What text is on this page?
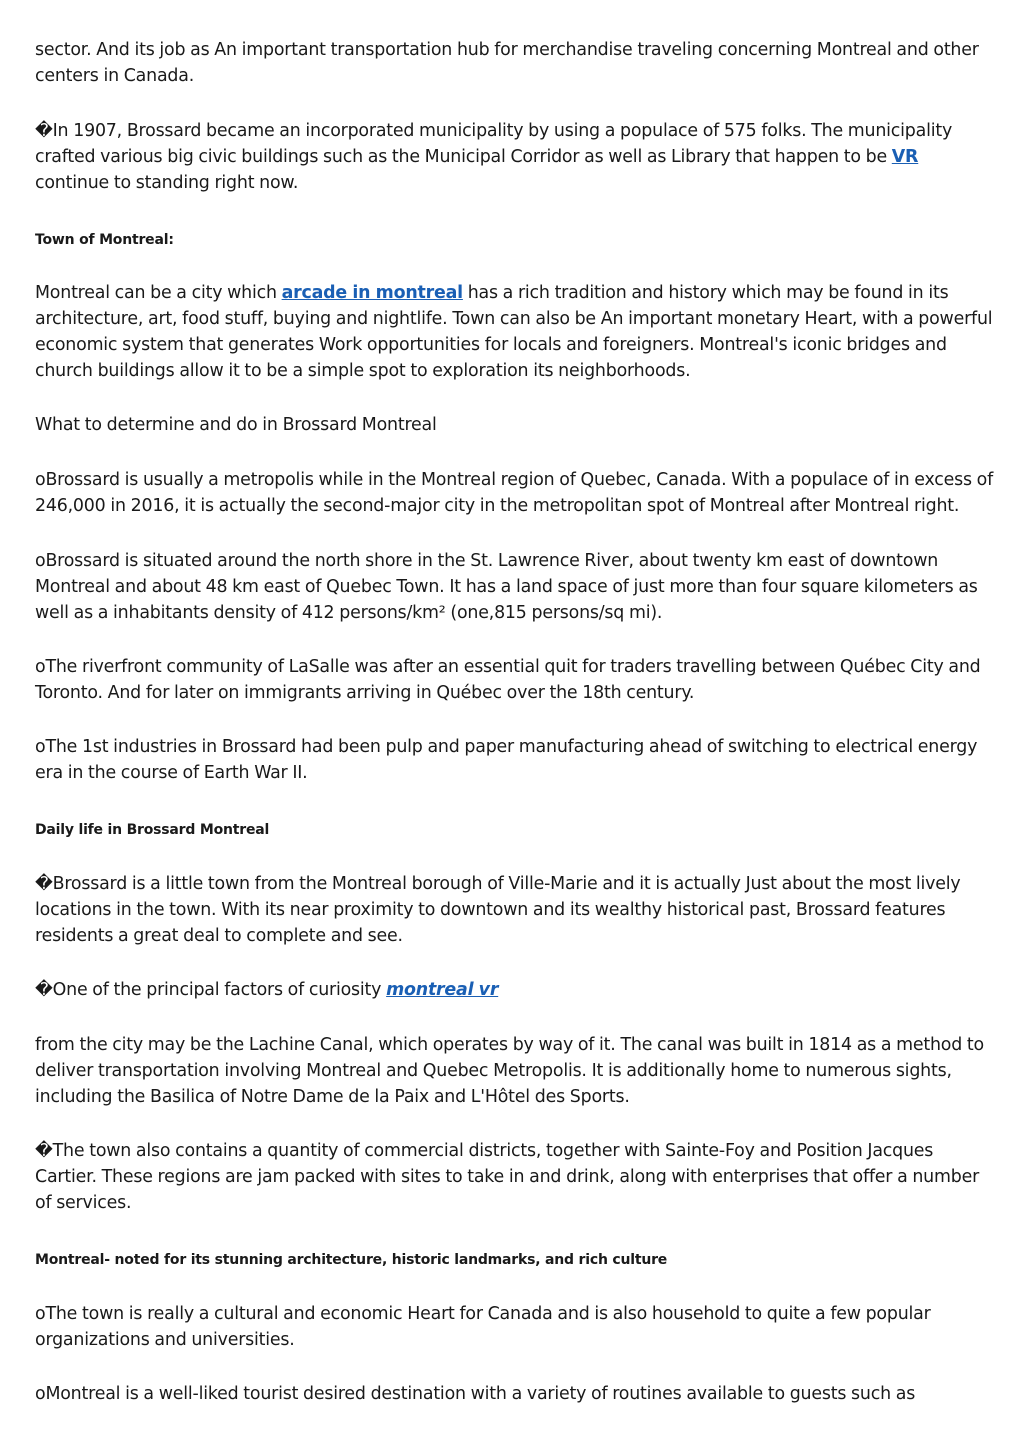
sector. And its job as An important transportation hub for merchandise traveling concerning Montreal and other centers in Canada.

�In 1907, Brossard became an incorporated municipality by using a populace of 575 folks. The municipality crafted various big civic buildings such as the Municipal Corridor as well as Library that happen to be VR continue to standing right now.

Town of Montreal:

Montreal can be a city which arcade in montreal has a rich tradition and history which may be found in its architecture, art, food stuff, buying and nightlife. Town can also be An important monetary Heart, with a powerful economic system that generates Work opportunities for locals and foreigners. Montreal's iconic bridges and church buildings allow it to be a simple spot to exploration its neighborhoods.

What to determine and do in Brossard Montreal

oBrossard is usually a metropolis while in the Montreal region of Quebec, Canada. With a populace of in excess of 246,000 in 2016, it is actually the second-major city in the metropolitan spot of Montreal after Montreal right.

oBrossard is situated around the north shore in the St. Lawrence River, about twenty km east of downtown Montreal and about 48 km east of Quebec Town. It has a land space of just more than four square kilometers as well as a inhabitants density of 412 persons/km² (one,815 persons/sq mi).

oThe riverfront community of LaSalle was after an essential quit for traders travelling between Québec City and Toronto. And for later on immigrants arriving in Québec over the 18th century.

oThe 1st industries in Brossard had been pulp and paper manufacturing ahead of switching to electrical energy era in the course of Earth War II.

Daily life in Brossard Montreal

�Brossard is a little town from the Montreal borough of Ville-Marie and it is actually Just about the most lively locations in the town. With its near proximity to downtown and its wealthy historical past, Brossard features residents a great deal to complete and see.

�One of the principal factors of curiosity montreal vr

from the city may be the Lachine Canal, which operates by way of it. The canal was built in 1814 as a method to deliver transportation involving Montreal and Quebec Metropolis. It is additionally home to numerous sights, including the Basilica of Notre Dame de la Paix and L'Hôtel des Sports.

�The town also contains a quantity of commercial districts, together with Sainte-Foy and Position Jacques Cartier. These regions are jam packed with sites to take in and drink, along with enterprises that offer a number of services.

Montreal- noted for its stunning architecture, historic landmarks, and rich culture

oThe town is really a cultural and economic Heart for Canada and is also household to quite a few popular organizations and universities.

oMontreal is a well-liked tourist desired destination with a variety of routines available to guests such as
